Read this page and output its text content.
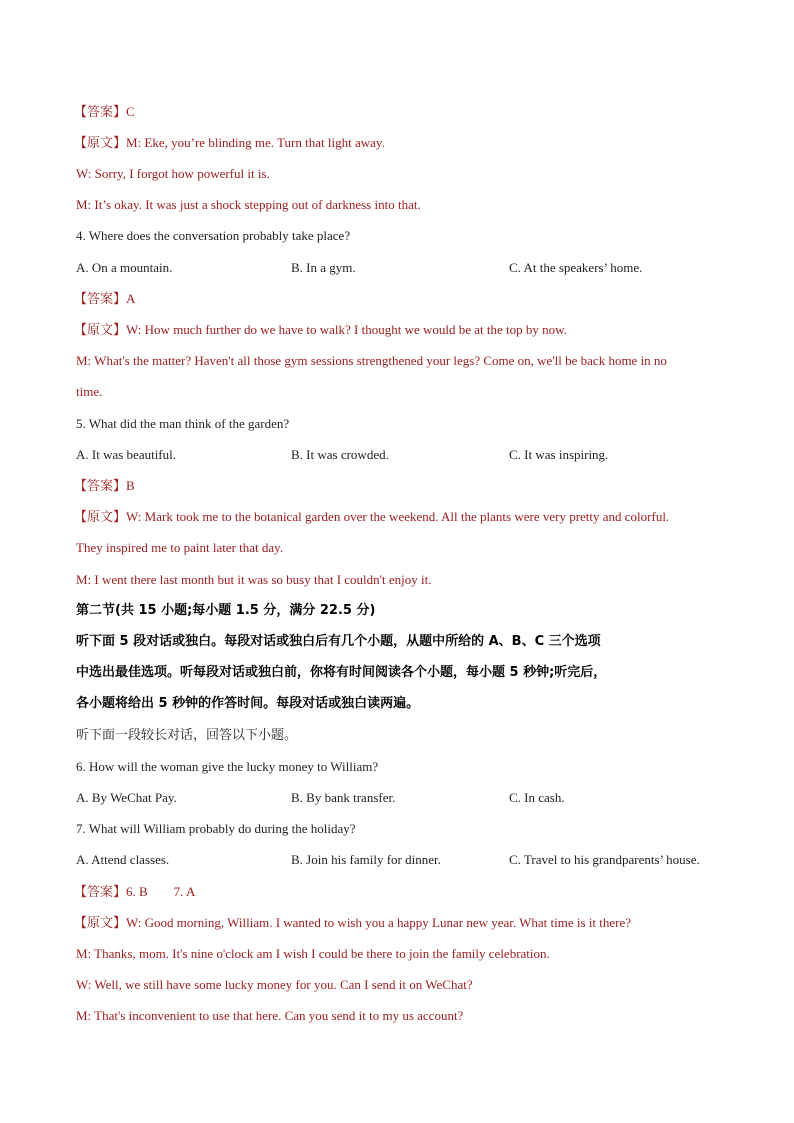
【答案】C
【原文】M: Eke, you’re blinding me. Turn that light away.
W: Sorry, I forgot how powerful it is.
M: It’s okay. It was just a shock stepping out of darkness into that.
4. Where does the conversation probably take place?
A. On a mountain.	B. In a gym.	C. At the speakers’ home.
【答案】A
【原文】W: How much further do we have to walk? I thought we would be at the top by now.
M: What's the matter? Haven't all those gym sessions strengthened your legs? Come on, we'll be back home in no
time.
5. What did the man think of the garden?
A. It was beautiful.	B. It was crowded.	C. It was inspiring.
【答案】B
【原文】W: Mark took me to the botanical garden over the weekend. All the plants were very pretty and colorful.
They inspired me to paint later that day.
M: I went there last month but it was so busy that I couldn't enjoy it.
第二节(共 15 小题;每小题 1.5 分，满分 22.5 分)
听下面 5 段对话或独白。每段对话或独白后有几个小题，从题中所给的 A、B、C 三个选项
中选出最佳选项。听每段对话或独白前，你将有时间阅读各个小题，每小题 5 秒钟;听完后，
各小题将给出 5 秒钟的作答时间。每段对话或独白读两遍。
听下面一段较长对话，回答以下小题。
6. How will the woman give the lucky money to William?
A. By WeChat Pay.	B. By bank transfer.	C. In cash.
7. What will William probably do during the holiday?
A. Attend classes.	B. Join his family for dinner.	C. Travel to his grandparents’ house.
【答案】6. B        7. A
【原文】W: Good morning, William. I wanted to wish you a happy Lunar new year. What time is it there?
M: Thanks, mom. It's nine o'clock am I wish I could be there to join the family celebration.
W: Well, we still have some lucky money for you. Can I send it on WeChat?
M: That's inconvenient to use that here. Can you send it to my us account?
